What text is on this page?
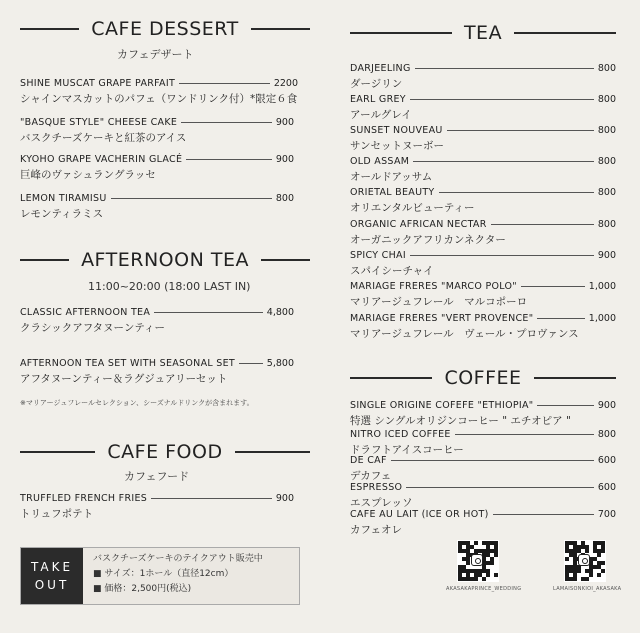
CAFE DESSERT
カフェデザート
SHINE MUSCAT GRAPE PARFAIT	2200
シャインマスカットのパフェ（ワンドリンク付）*限定６食
"BASQUE STYLE" CHEESE CAKE	900
バスクチーズケーキと紅茶のアイス
KYOHO GRAPE VACHERIN GLACÉ	900
巨峰のヴァシュラングラッセ
LEMON TIRAMISU	800
レモンティラミス
AFTERNOON TEA
11:00~20:00 (18:00 LAST IN)
CLASSIC AFTERNOON TEA	4,800
クラシックアフタヌーンティー
AFTERNOON TEA SET WITH SEASONAL SET	5,800
アフタヌーンティー＆ラグジュアリーセット
※マリアージュフレールセレクション、シーズナルドリンクが含まれます。
CAFE FOOD
カフェフード
TRUFFLED FRENCH FRIES	900
トリュフポテト
TAKE
OUT
バスクチーズケーキのテイクアウト販売中
■ サイズ：1ホール（直径12cm）
■ 価格：2,500円(税込)
TEA
DARJEELING	800
ダージリン
EARL GREY	800
アールグレイ
SUNSET NOUVEAU	800
サンセットヌーボー
OLD ASSAM	800
オールドアッサム
ORIETAL BEAUTY	800
オリエンタルビューティー
ORGANIC AFRICAN NECTAR	800
オーガニックアフリカンネクター
SPICY CHAI	900
スパイシーチャイ
MARIAGE FRERES "MARCO POLO"	1,000
マリアージュフレール　マルコポーロ
MARIAGE FRERES "VERT PROVENCE"	1,000
マリアージュフレール　ヴェール・プロヴァンス
COFFEE
SINGLE ORIGINE COFEFE "ETHIOPIA"	900
特選 シングルオリジンコーヒー " エチオピア "
NITRO ICED COFFEE	800
ドラフトアイスコーヒー
DE CAF	600
デカフェ
ESPRESSO	600
エスプレッソ
CAFE AU LAIT (ICE OR HOT)	700
カフェオレ
AKASAKAPRINCE_WEDDING	LAMAISONKIOI_AKASAKA
